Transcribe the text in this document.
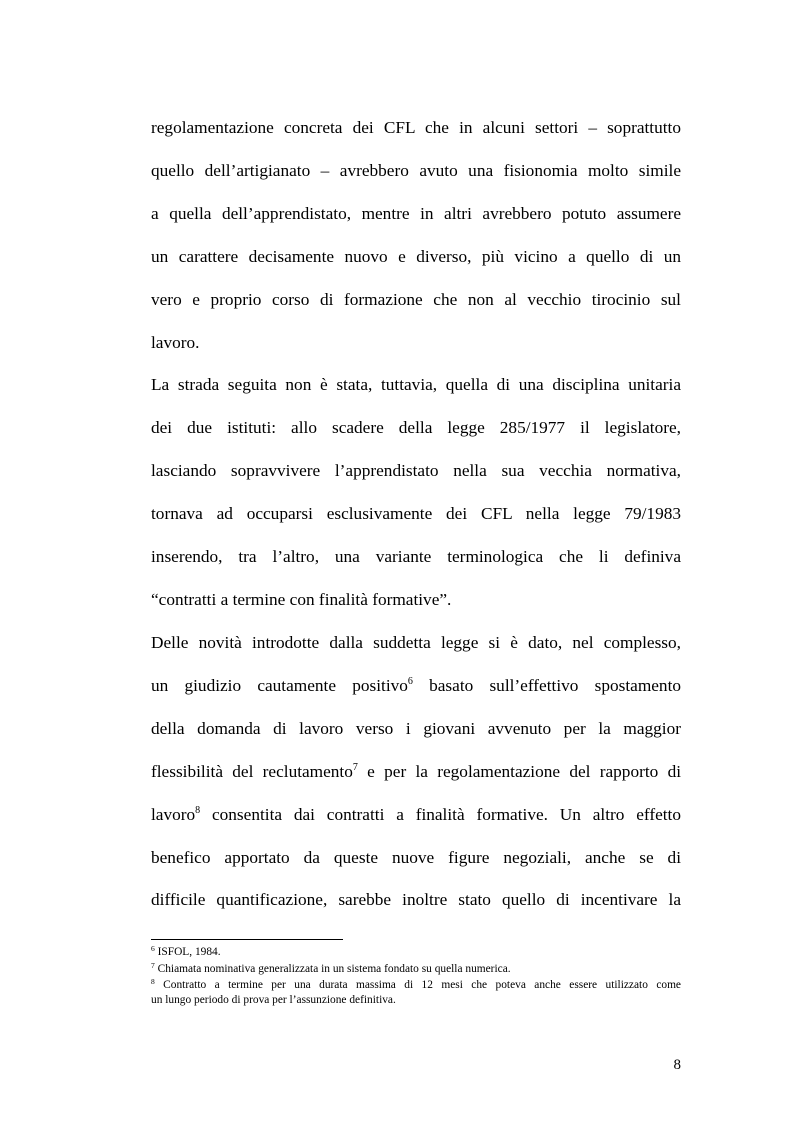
regolamentazione concreta dei CFL che in alcuni settori – soprattutto
quello dell’artigianato – avrebbero avuto una fisionomia molto simile
a quella dell’apprendistato, mentre in altri avrebbero potuto assumere
un carattere decisamente nuovo e diverso, più vicino a quello di un
vero e proprio corso di formazione che non al vecchio tirocinio sul
lavoro.
La strada seguita non è stata, tuttavia, quella di una disciplina unitaria
dei due istituti: allo scadere della legge 285/1977 il legislatore,
lasciando sopravvivere l’apprendistato nella sua vecchia normativa,
tornava ad occuparsi esclusivamente dei CFL nella legge 79/1983
inserendo, tra l’altro, una variante terminologica che li definiva
“contratti a termine con finalità formative”.
Delle novità introdotte dalla suddetta legge si è dato, nel complesso,
un giudizio cautamente positivo$^6$ basato sull’effettivo spostamento
della domanda di lavoro verso i giovani avvenuto per la maggior
flessibilità del reclutamento$^7$ e per la regolamentazione del rapporto di
lavoro$^8$ consentita dai contratti a finalità formative. Un altro effetto
benefico apportato da queste nuove figure negoziali, anche se di
difficile quantificazione, sarebbe inoltre stato quello di incentivare la
$^6$ ISFOL, 1984.
$^7$ Chiamata nominativa generalizzata in un sistema fondato su quella numerica.
$^8$ Contratto a termine per una durata massima di 12 mesi che poteva anche essere utilizzato come
un lungo periodo di prova per l’assunzione definitiva.
8
